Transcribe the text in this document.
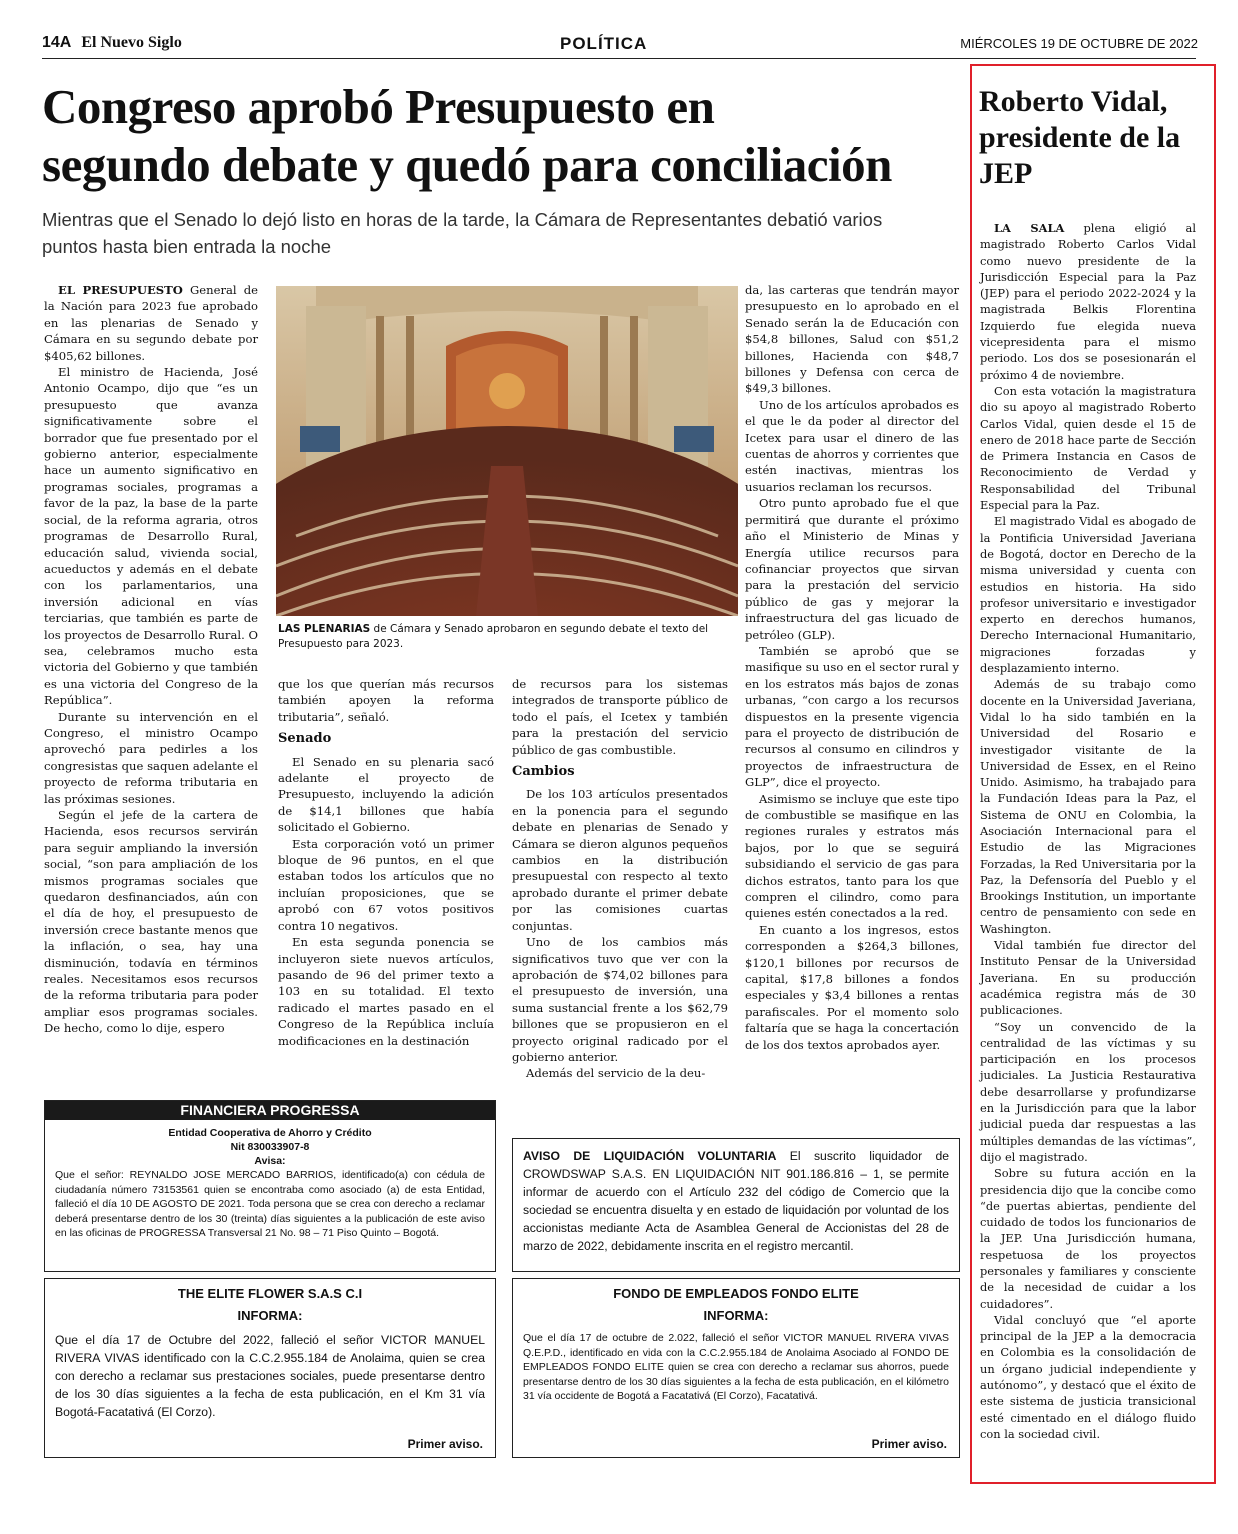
14A El Nuevo Siglo	POLÍTICA	MIÉRCOLES 19 DE OCTUBRE DE 2022
Congreso aprobó Presupuesto en
segundo debate y quedó para conciliación

Mientras que el Senado lo dejó listo en horas de la tarde, la Cámara de Representantes debatió varios puntos hasta bien entrada la noche

EL PRESUPUESTO General de la Nación para 2023 fue aprobado en las plenarias de Senado y Cámara en su segundo debate por $405,62 billones.

El ministro de Hacienda, José Antonio Ocampo, dijo que “es un presupuesto que avanza significativamente sobre el borrador que fue presentado por el gobierno anterior, especialmente hace un aumento significativo en programas sociales, programas a favor de la paz, la base de la parte social, de la reforma agraria, otros programas de Desarrollo Rural, educación salud, vivienda social, acueductos y además en el debate con los parlamentarios, una inversión adicional en vías terciarias, que también es parte de los proyectos de Desarrollo Rural. O sea, celebramos mucho esta victoria del Gobierno y que también es una victoria del Congreso de la República”.

Durante su intervención en el Congreso, el ministro Ocampo aprovechó para pedirles a los congresistas que saquen adelante el proyecto de reforma tributaria en las próximas sesiones.

Según el jefe de la cartera de Hacienda, esos recursos servirán para seguir ampliando la inversión social, “son para ampliación de los mismos programas sociales que quedaron desfinanciados, aún con el día de hoy, el presupuesto de inversión crece bastante menos que la inflación, o sea, hay una disminución, todavía en términos reales. Necesitamos esos recursos de la reforma tributaria para poder ampliar esos programas sociales. De hecho, como lo dije, espero

LAS PLENARIAS de Cámara y Senado aprobaron en segundo debate el texto del Presupuesto para 2023.

que los que querían más recursos también apoyen la reforma tributaria”, señaló.

Senado

El Senado en su plenaria sacó adelante el proyecto de Presupuesto, incluyendo la adición de $14,1 billones que había solicitado el Gobierno.

Esta corporación votó un primer bloque de 96 puntos, en el que estaban todos los artículos que no incluían proposiciones, que se aprobó con 67 votos positivos contra 10 negativos.

En esta segunda ponencia se incluyeron siete nuevos artículos, pasando de 96 del primer texto a 103 en su totalidad. El texto radicado el martes pasado en el Congreso de la República incluía modificaciones en la destinación

de recursos para los sistemas integrados de transporte público de todo el país, el Icetex y también para la prestación del servicio público de gas combustible.

Cambios

De los 103 artículos presentados en la ponencia para el segundo debate en plenarias de Senado y Cámara se dieron algunos pequeños cambios en la distribución presupuestal con respecto al texto aprobado durante el primer debate por las comisiones cuartas conjuntas.

Uno de los cambios más significativos tuvo que ver con la aprobación de $74,02 billones para el presupuesto de inversión, una suma sustancial frente a los $62,79 billones que se propusieron en el proyecto original radicado por el gobierno anterior.

Además del servicio de la deu-

da, las carteras que tendrán mayor presupuesto en lo aprobado en el Senado serán la de Educación con $54,8 billones, Salud con $51,2 billones, Hacienda con $48,7 billones y Defensa con cerca de $49,3 billones.

Uno de los artículos aprobados es el que le da poder al director del Icetex para usar el dinero de las cuentas de ahorros y corrientes que estén inactivas, mientras los usuarios reclaman los recursos.

Otro punto aprobado fue el que permitirá que durante el próximo año el Ministerio de Minas y Energía utilice recursos para cofinanciar proyectos que sirvan para la prestación del servicio público de gas y mejorar la infraestructura del gas licuado de petróleo (GLP).

También se aprobó que se masifique su uso en el sector rural y en los estratos más bajos de zonas urbanas, “con cargo a los recursos dispuestos en la presente vigencia para el proyecto de distribución de recursos al consumo en cilindros y proyectos de infraestructura de GLP”, dice el proyecto.

Asimismo se incluye que este tipo de combustible se masifique en las regiones rurales y estratos más bajos, por lo que se seguirá subsidiando el servicio de gas para dichos estratos, tanto para los que compren el cilindro, como para quienes estén conectados a la red.

En cuanto a los ingresos, estos corresponden a $264,3 billones, $120,1 billones por recursos de capital, $17,8 billones a fondos especiales y $3,4 billones a rentas parafiscales. Por el momento solo faltaría que se haga la concertación de los dos textos aprobados ayer.

Roberto Vidal, presidente de la JEP

LA SALA plena eligió al magistrado Roberto Carlos Vidal como nuevo presidente de la Jurisdicción Especial para la Paz (JEP) para el periodo 2022-2024 y la magistrada Belkis Florentina Izquierdo fue elegida nueva vicepresidenta para el mismo periodo. Los dos se posesionarán el próximo 4 de noviembre.

Con esta votación la magistratura dio su apoyo al magistrado Roberto Carlos Vidal, quien desde el 15 de enero de 2018 hace parte de Sección de Primera Instancia en Casos de Reconocimiento de Verdad y Responsabilidad del Tribunal Especial para la Paz.

El magistrado Vidal es abogado de la Pontificia Universidad Javeriana de Bogotá, doctor en Derecho de la misma universidad y cuenta con estudios en historia. Ha sido profesor universitario e investigador experto en derechos humanos, Derecho Internacional Humanitario, migraciones forzadas y desplazamiento interno.

Además de su trabajo como docente en la Universidad Javeriana, Vidal lo ha sido también en la Universidad del Rosario e investigador visitante de la Universidad de Essex, en el Reino Unido. Asimismo, ha trabajado para la Fundación Ideas para la Paz, el Sistema de ONU en Colombia, la Asociación Internacional para el Estudio de las Migraciones Forzadas, la Red Universitaria por la Paz, la Defensoría del Pueblo y el Brookings Institution, un importante centro de pensamiento con sede en Washington.

Vidal también fue director del Instituto Pensar de la Universidad Javeriana. En su producción académica registra más de 30 publicaciones.

“Soy un convencido de la centralidad de las víctimas y su participación en los procesos judiciales. La Justicia Restaurativa debe desarrollarse y profundizarse en la Jurisdicción para que la labor judicial pueda dar respuestas a las múltiples demandas de las víctimas”, dijo el magistrado.

Sobre su futura acción en la presidencia dijo que la concibe como “de puertas abiertas, pendiente del cuidado de todos los funcionarios de la JEP. Una Jurisdicción humana, respetuosa de los proyectos personales y familiares y consciente de la necesidad de cuidar a los cuidadores”.

Vidal concluyó que “el aporte principal de la JEP a la democracia en Colombia es la consolidación de un órgano judicial independiente y autónomo”, y destacó que el éxito de este sistema de justicia transicional esté cimentado en el diálogo fluido con la sociedad civil.

FINANCIERA PROGRESSA
Entidad Cooperativa de Ahorro y Crédito
Nit 830033907-8
Avisa:
Que el señor: REYNALDO JOSE MERCADO BARRIOS, identificado(a) con cédula de ciudadanía número 73153561 quien se encontraba como asociado (a) de esta Entidad, falleció el día 10 DE AGOSTO DE 2021. Toda persona que se crea con derecho a reclamar deberá presentarse dentro de los 30 (treinta) días siguientes a la publicación de este aviso en las oficinas de PROGRESSA Transversal 21 No. 98 – 71 Piso Quinto – Bogotá.
AVISO DE LIQUIDACIÓN VOLUNTARIA El suscrito liquidador de CROWDSWAP S.A.S. EN LIQUIDACIÓN NIT 901.186.816 – 1, se permite informar de acuerdo con el Artículo 232 del código de Comercio que la sociedad se encuentra disuelta y en estado de liquidación por voluntad de los accionistas mediante Acta de Asamblea General de Accionistas del 28 de marzo de 2022, debidamente inscrita en el registro mercantil.
THE ELITE FLOWER S.A.S C.I
INFORMA:
Que el día 17 de Octubre del 2022, falleció el señor VICTOR MANUEL RIVERA VIVAS identificado con la C.C.2.955.184 de Anolaima, quien se crea con derecho a reclamar sus prestaciones sociales, puede presentarse dentro de los 30 días siguientes a la fecha de esta publicación, en el Km 31 vía Bogotá-Facatativá (El Corzo).
Primer aviso.
FONDO DE EMPLEADOS FONDO ELITE
INFORMA:
Que el día 17 de octubre de 2.022, falleció el señor VICTOR MANUEL RIVERA VIVAS Q.E.P.D., identificado en vida con la C.C.2.955.184 de Anolaima Asociado al FONDO DE EMPLEADOS FONDO ELITE quien se crea con derecho a reclamar sus ahorros, puede presentarse dentro de los 30 días siguientes a la fecha de esta publicación, en el kilómetro 31 vía occidente de Bogotá a Facatativá (El Corzo), Facatativá.
Primer aviso.
